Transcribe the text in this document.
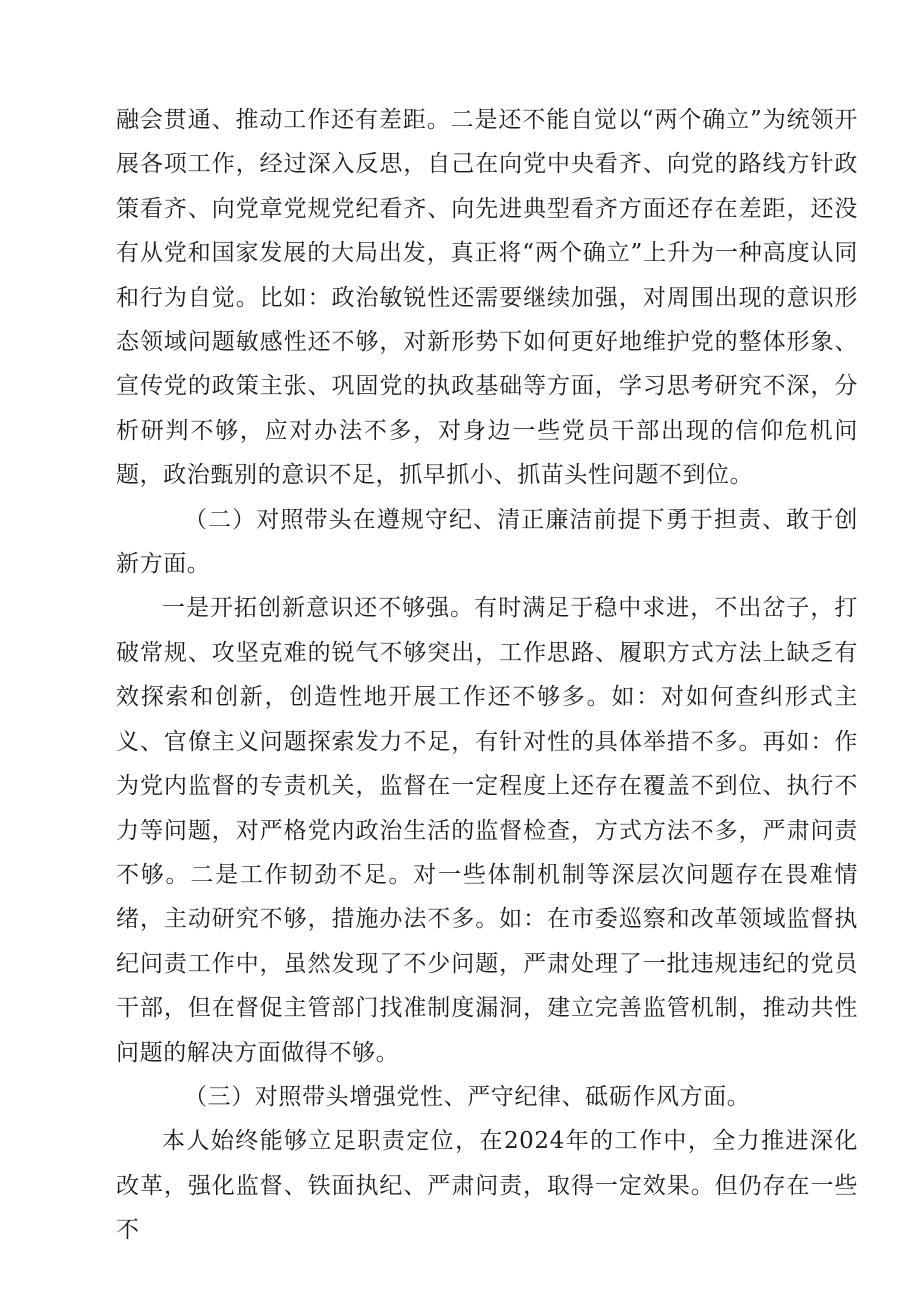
融会贯通、推动工作还有差距。二是还不能自觉以“两个确立”为统领开展各项工作，经过深入反思，自己在向党中央看齐、向党的路线方针政策看齐、向党章党规党纪看齐、向先进典型看齐方面还存在差距，还没有从党和国家发展的大局出发，真正将“两个确立”上升为一种高度认同和行为自觉。比如：政治敏锐性还需要继续加强，对周围出现的意识形态领域问题敏感性还不够，对新形势下如何更好地维护党的整体形象、宣传党的政策主张、巩固党的执政基础等方面，学习思考研究不深，分析研判不够，应对办法不多，对身边一些党员干部出现的信仰危机问题，政治甄别的意识不足，抓早抓小、抓苗头性问题不到位。

（二）对照带头在遵规守纪、清正廉洁前提下勇于担责、敢于创新方面。

一是开拓创新意识还不够强。有时满足于稳中求进，不出岔子，打破常规、攻坚克难的锐气不够突出，工作思路、履职方式方法上缺乏有效探索和创新，创造性地开展工作还不够多。如：对如何查纠形式主义、官僚主义问题探索发力不足，有针对性的具体举措不多。再如：作为党内监督的专责机关，监督在一定程度上还存在覆盖不到位、执行不力等问题，对严格党内政治生活的监督检查，方式方法不多，严肃问责不够。二是工作韧劲不足。对一些体制机制等深层次问题存在畏难情绪，主动研究不够，措施办法不多。如：在市委巡察和改革领域监督执纪问责工作中，虽然发现了不少问题，严肃处理了一批违规违纪的党员干部，但在督促主管部门找准制度漏洞，建立完善监管机制，推动共性问题的解决方面做得不够。

（三）对照带头增强党性、严守纪律、砥砺作风方面。

本人始终能够立足职责定位，在2024年的工作中，全力推进深化改革，强化监督、铁面执纪、严肃问责，取得一定效果。但仍存在一些不
